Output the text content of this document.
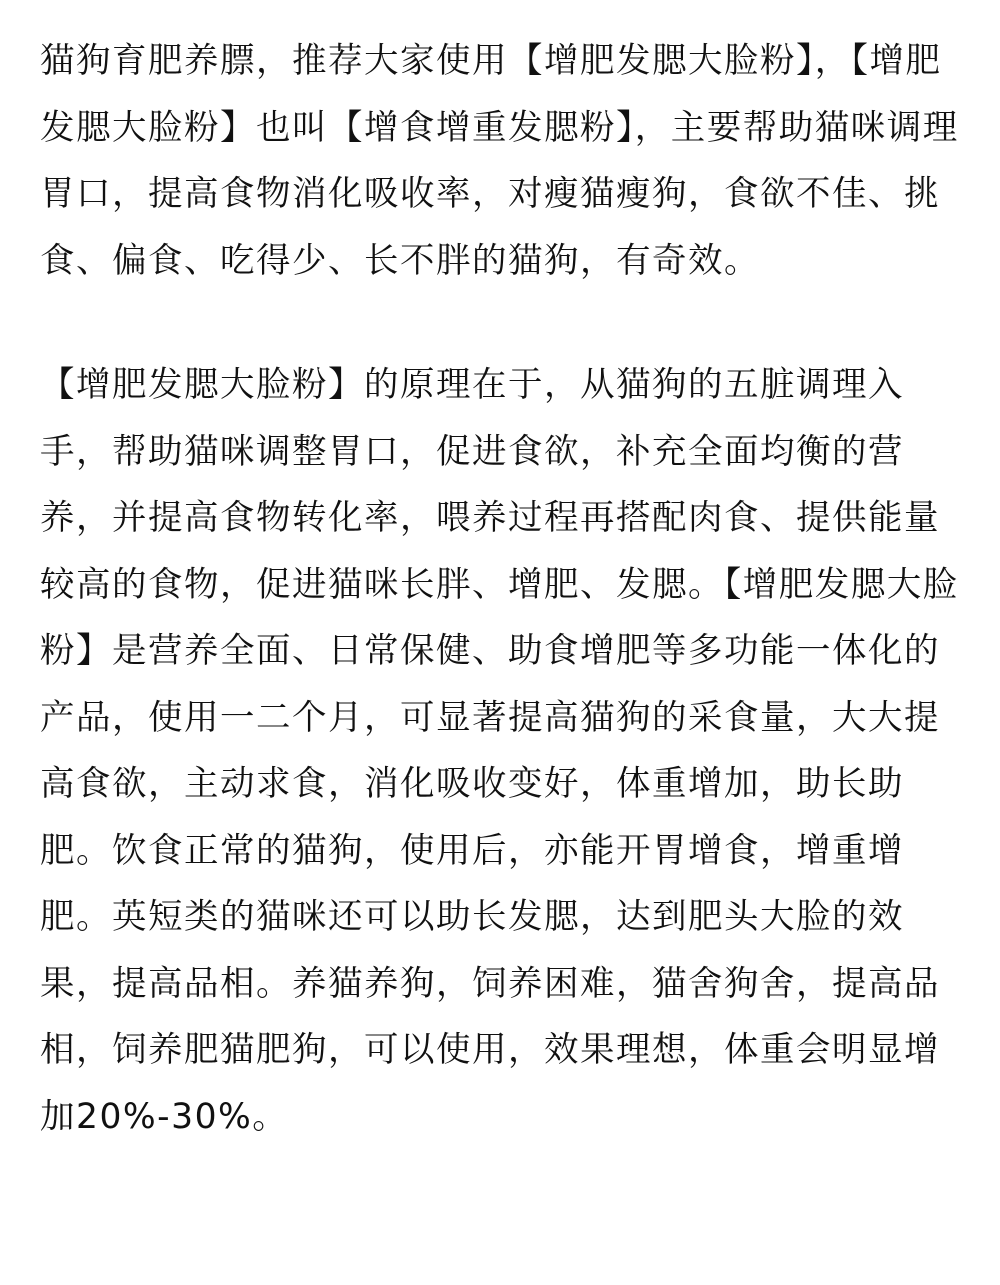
猫狗育肥养膘，推荐大家使用【增肥发腮大脸粉】，【增肥发腮大脸粉】也叫【增食增重发腮粉】，主要帮助猫咪调理胃口，提高食物消化吸收率，对瘦猫瘦狗，食欲不佳、挑食、偏食、吃得少、长不胖的猫狗，有奇效。

【增肥发腮大脸粉】的原理在于，从猫狗的五脏调理入手，帮助猫咪调整胃口，促进食欲，补充全面均衡的营养，并提高食物转化率，喂养过程再搭配肉食、提供能量较高的食物，促进猫咪长胖、增肥、发腮。【增肥发腮大脸粉】是营养全面、日常保健、助食增肥等多功能一体化的产品，使用一二个月，可显著提高猫狗的采食量，大大提高食欲，主动求食，消化吸收变好，体重增加，助长助肥。饮食正常的猫狗，使用后，亦能开胃增食，增重增肥。英短类的猫咪还可以助长发腮，达到肥头大脸的效果，提高品相。养猫养狗，饲养困难，猫舍狗舍，提高品相，饲养肥猫肥狗，可以使用，效果理想，体重会明显增加20%-30%。
